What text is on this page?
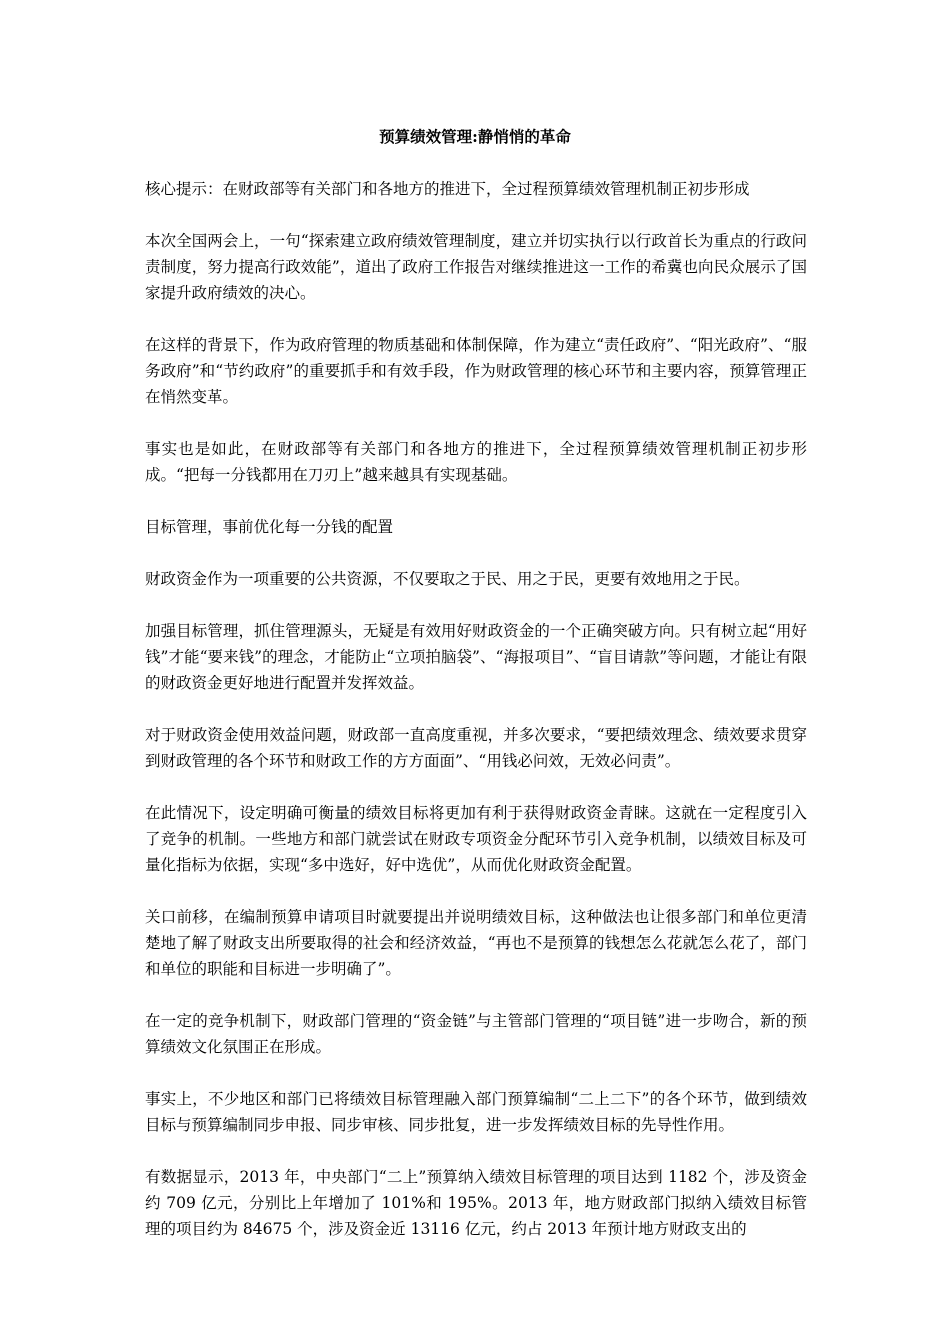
预算绩效管理:静悄悄的革命

核心提示：在财政部等有关部门和各地方的推进下，全过程预算绩效管理机制正初步形成

本次全国两会上，一句“探索建立政府绩效管理制度，建立并切实执行以行政首长为重点的行政问责制度，努力提高行政效能”，道出了政府工作报告对继续推进这一工作的希冀也向民众展示了国家提升政府绩效的决心。

在这样的背景下，作为政府管理的物质基础和体制保障，作为建立“责任政府”、“阳光政府”、“服务政府”和“节约政府”的重要抓手和有效手段，作为财政管理的核心环节和主要内容，预算管理正在悄然变革。

事实也是如此，在财政部等有关部门和各地方的推进下，全过程预算绩效管理机制正初步形成。“把每一分钱都用在刀刃上”越来越具有实现基础。

目标管理，事前优化每一分钱的配置

财政资金作为一项重要的公共资源，不仅要取之于民、用之于民，更要有效地用之于民。

加强目标管理，抓住管理源头，无疑是有效用好财政资金的一个正确突破方向。只有树立起“用好钱”才能“要来钱”的理念，才能防止“立项拍脑袋”、“海报项目”、“盲目请款”等问题，才能让有限的财政资金更好地进行配置并发挥效益。

对于财政资金使用效益问题，财政部一直高度重视，并多次要求，“要把绩效理念、绩效要求贯穿到财政管理的各个环节和财政工作的方方面面”、“用钱必问效，无效必问责”。

在此情况下，设定明确可衡量的绩效目标将更加有利于获得财政资金青睐。这就在一定程度引入了竞争的机制。一些地方和部门就尝试在财政专项资金分配环节引入竞争机制，以绩效目标及可量化指标为依据，实现“多中选好，好中选优”，从而优化财政资金配置。

关口前移，在编制预算申请项目时就要提出并说明绩效目标，这种做法也让很多部门和单位更清楚地了解了财政支出所要取得的社会和经济效益，“再也不是预算的钱想怎么花就怎么花了，部门和单位的职能和目标进一步明确了”。

在一定的竞争机制下，财政部门管理的“资金链”与主管部门管理的“项目链”进一步吻合，新的预算绩效文化氛围正在形成。

事实上，不少地区和部门已将绩效目标管理融入部门预算编制“二上二下”的各个环节，做到绩效目标与预算编制同步申报、同步审核、同步批复，进一步发挥绩效目标的先导性作用。

有数据显示，2013 年，中央部门“二上”预算纳入绩效目标管理的项目达到 1182 个，涉及资金约 709 亿元，分别比上年增加了 101%和 195%。2013 年，地方财政部门拟纳入绩效目标管理的项目约为 84675 个，涉及资金近 13116 亿元，约占 2013 年预计地方财政支出的
